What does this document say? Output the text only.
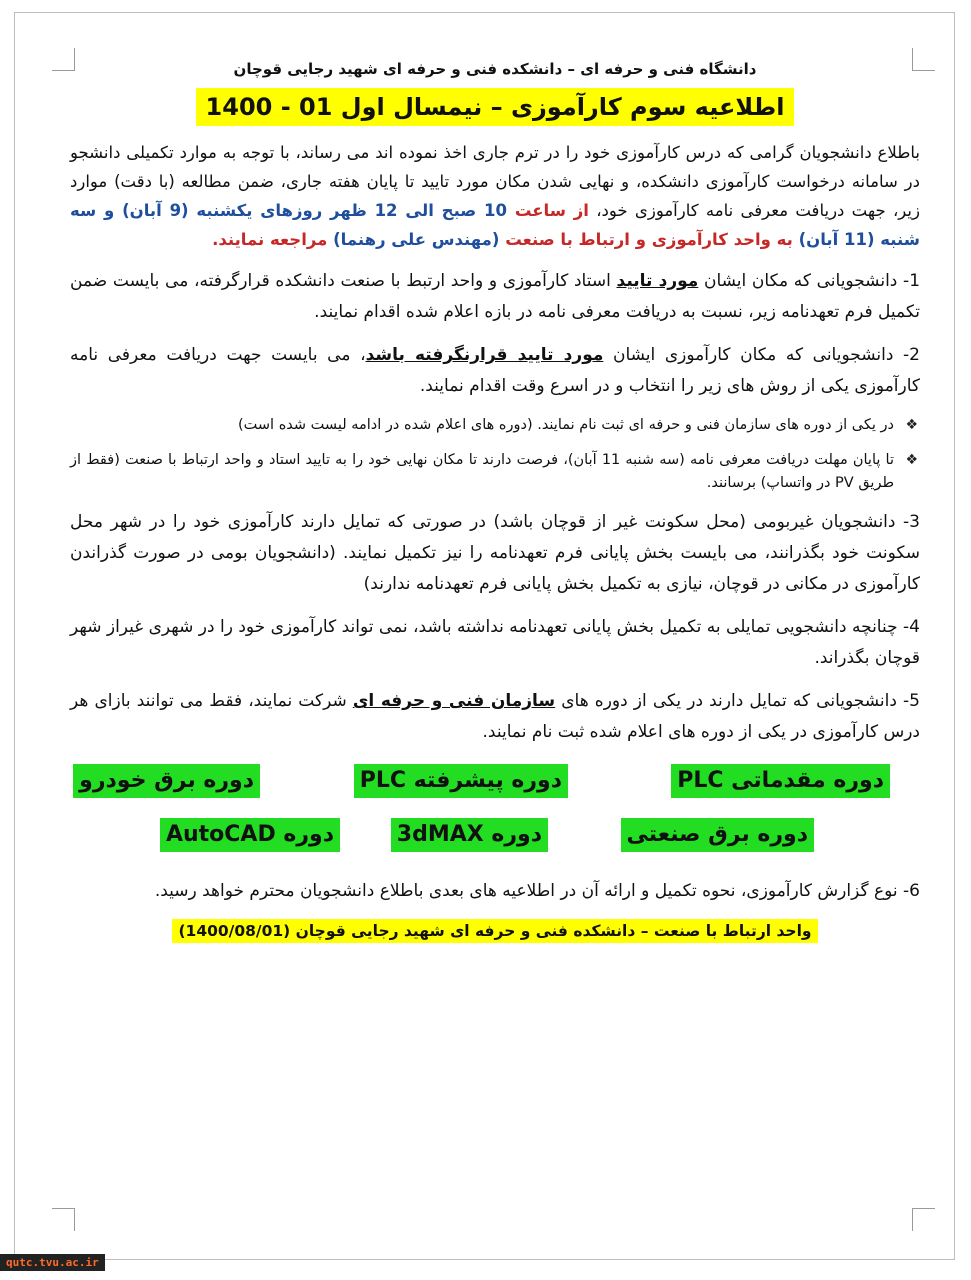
دانشگاه فنی و حرفه ای – دانشکده فنی و حرفه ای شهید رجایی قوچان
اطلاعیه سوم کارآموزی – نیمسال اول 01 - 1400

باطلاع دانشجویان گرامی که درس کارآموزی خود را در ترم جاری اخذ نموده اند می رساند، با توجه به موارد تکمیلی دانشجو در سامانه درخواست کارآموزی دانشکده، و نهایی شدن مکان مورد تایید تا پایان هفته جاری، ضمن مطالعه (با دقت) موارد زیر، جهت دریافت معرفی نامه کارآموزی خود، از ساعت 10 صبح الی 12 ظهر روزهای یکشنبه (9 آبان) و سه شنبه (11 آبان) به واحد کارآموزی و ارتباط با صنعت (مهندس علی رهنما) مراجعه نمایند.

1- دانشجویانی که مکان ایشان مورد تایید استاد کارآموزی و واحد ارتبط با صنعت دانشکده قرارگرفته، می بایست ضمن تکمیل فرم تعهدنامه زیر، نسبت به دریافت معرفی نامه در بازه اعلام شده اقدام نمایند.

2- دانشجویانی که مکان کارآموزی ایشان مورد تایید قرارنگرفته باشد، می بایست جهت دریافت معرفی نامه کارآموزی یکی از روش های زیر را انتخاب و در اسرع وقت اقدام نمایند.

❖
در یکی از دوره های سازمان فنی و حرفه ای ثبت نام نمایند. (دوره های اعلام شده در ادامه لیست شده است)
❖
تا پایان مهلت دریافت معرفی نامه (سه شنبه 11 آبان)، فرصت دارند تا مکان نهایی خود را به تایید استاد و واحد ارتباط با صنعت (فقط از طریق PV در واتساپ) برسانند.

3- دانشجویان غیربومی (محل سکونت غیر از قوچان باشد) در صورتی که تمایل دارند کارآموزی خود را در شهر محل سکونت خود بگذرانند، می بایست بخش پایانی فرم تعهدنامه را نیز تکمیل نمایند. (دانشجویان بومی در صورت گذراندن کارآموزی در مکانی در قوچان، نیازی به تکمیل بخش پایانی فرم تعهدنامه ندارند)

4- چنانچه دانشجویی تمایلی به تکمیل بخش پایانی تعهدنامه نداشته باشد، نمی تواند کارآموزی خود را در شهری غیراز شهر قوچان بگذراند.

5- دانشجویانی که تمایل دارند در یکی از دوره های سازمان فنی و حرفه ای شرکت نمایند، فقط می توانند بازای هر درس کارآموزی در یکی از دوره های اعلام شده ثبت نام نمایند.

دوره مقدماتی PLC
دوره پیشرفته PLC
دوره برق خودرو
دوره برق صنعتی
دوره 3dMAX
دوره AutoCAD

6- نوع گزارش کارآموزی، نحوه تکمیل و ارائه آن در اطلاعیه های بعدی باطلاع دانشجویان محترم خواهد رسید.

واحد ارتباط با صنعت – دانشکده فنی و حرفه ای شهید رجایی قوچان (1400/08/01)
qutc.tvu.ac.ir
